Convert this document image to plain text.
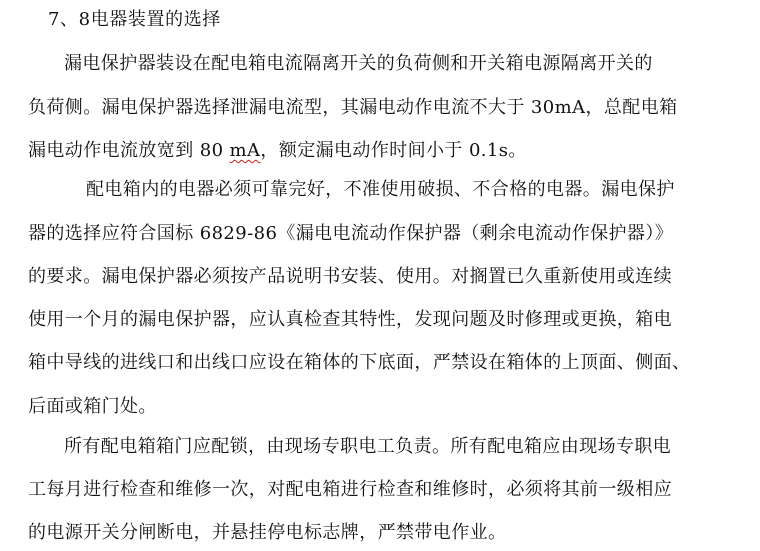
7、8电器装置的选择
漏电保护器装设在配电箱电流隔离开关的负荷侧和开关箱电源隔离开关的
负荷侧。漏电保护器选择泄漏电流型，其漏电动作电流不大于 30mA，总配电箱
漏电动作电流放宽到 80 mA，额定漏电动作时间小于 0.1s。
配电箱内的电器必须可靠完好，不准使用破损、不合格的电器。漏电保护
器的选择应符合国标 6829-86《漏电电流动作保护器（剩余电流动作保护器）》
的要求。漏电保护器必须按产品说明书安装、使用。对搁置已久重新使用或连续
使用一个月的漏电保护器，应认真检查其特性，发现问题及时修理或更换，箱电
箱中导线的进线口和出线口应设在箱体的下底面，严禁设在箱体的上顶面、侧面、
后面或箱门处。
所有配电箱箱门应配锁，由现场专职电工负责。所有配电箱应由现场专职电
工每月进行检查和维修一次，对配电箱进行检查和维修时，必须将其前一级相应
的电源开关分闸断电，并悬挂停电标志牌，严禁带电作业。
